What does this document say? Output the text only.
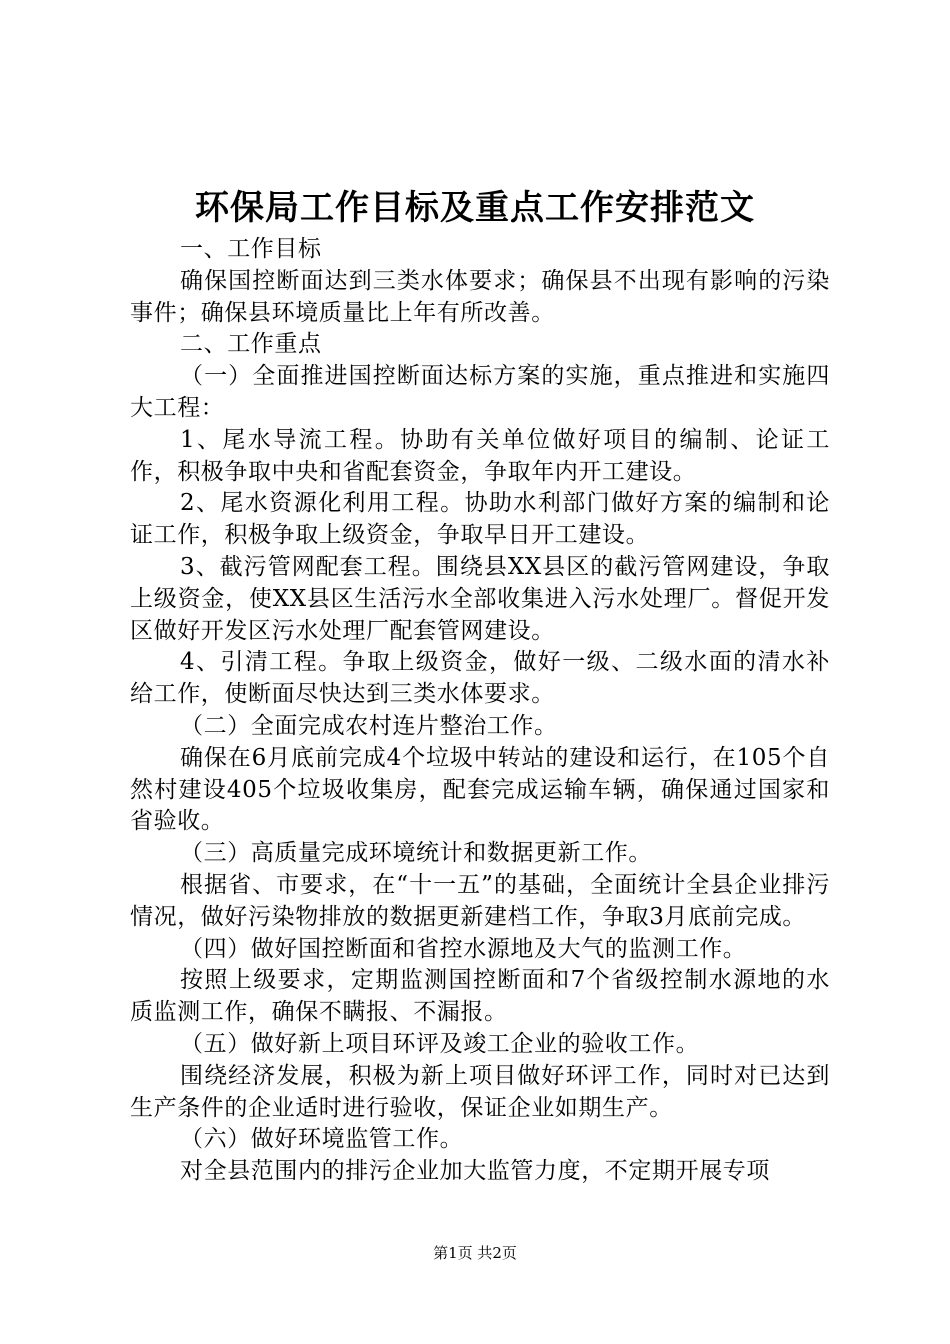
环保局工作目标及重点工作安排范文

一、工作目标

确保国控断面达到三类水体要求；确保县不出现有影响的污染事件；确保县环境质量比上年有所改善。

二、工作重点

（一）全面推进国控断面达标方案的实施，重点推进和实施四大工程：

1、尾水导流工程。协助有关单位做好项目的编制、论证工作，积极争取中央和省配套资金，争取年内开工建设。

2、尾水资源化利用工程。协助水利部门做好方案的编制和论证工作，积极争取上级资金，争取早日开工建设。

3、截污管网配套工程。围绕县XX县区的截污管网建设，争取上级资金，使XX县区生活污水全部收集进入污水处理厂。督促开发区做好开发区污水处理厂配套管网建设。

4、引清工程。争取上级资金，做好一级、二级水面的清水补给工作，使断面尽快达到三类水体要求。

（二）全面完成农村连片整治工作。

确保在6月底前完成4个垃圾中转站的建设和运行，在105个自然村建设405个垃圾收集房，配套完成运输车辆，确保通过国家和省验收。

（三）高质量完成环境统计和数据更新工作。

根据省、市要求，在“十一五”的基础，全面统计全县企业排污情况，做好污染物排放的数据更新建档工作，争取3月底前完成。

（四）做好国控断面和省控水源地及大气的监测工作。

按照上级要求，定期监测国控断面和7个省级控制水源地的水质监测工作，确保不瞒报、不漏报。

（五）做好新上项目环评及竣工企业的验收工作。

围绕经济发展，积极为新上项目做好环评工作，同时对已达到生产条件的企业适时进行验收，保证企业如期生产。

（六）做好环境监管工作。

对全县范围内的排污企业加大监管力度，不定期开展专项

第1页 共2页
